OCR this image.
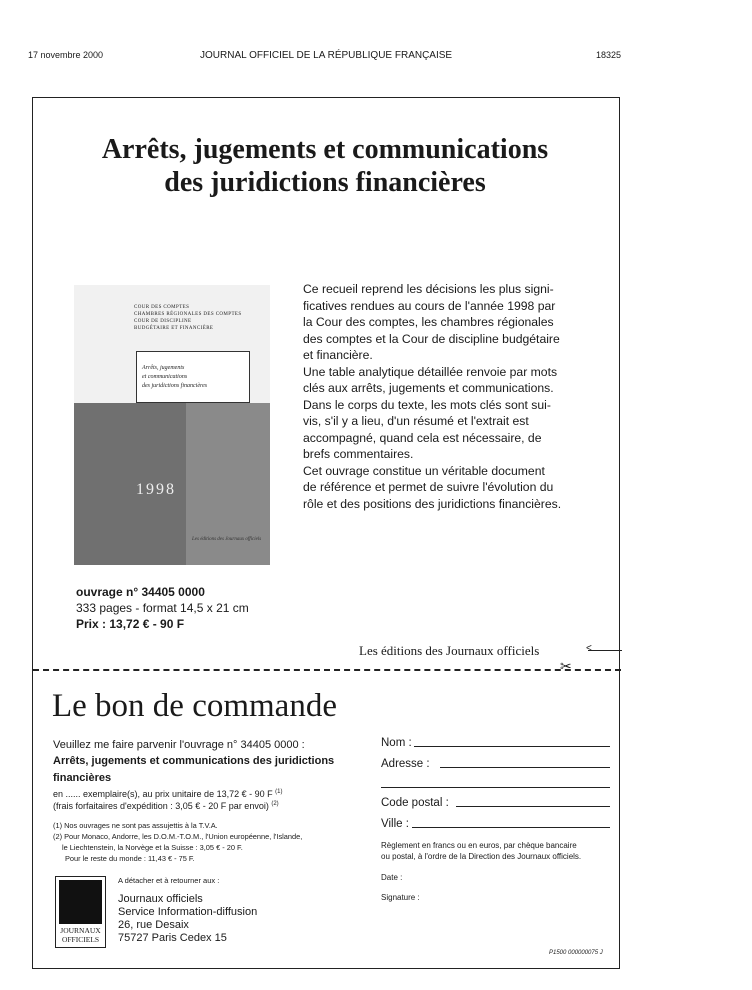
17 novembre 2000	JOURNAL OFFICIEL DE LA RÉPUBLIQUE FRANÇAISE	18325
Arrêts, jugements et communications
des juridictions financières
COUR DES COMPTES
CHAMBRES RÉGIONALES DES COMPTES
COUR DE DISCIPLINE
BUDGÉTAIRE ET FINANCIÈRE
Arrêts, jugements
et communications
des juridictions financières
1998
Les éditions des Journaux officiels

Ce recueil reprend les décisions les plus signi-

ficatives rendues au cours de l'année 1998 par

la Cour des comptes, les chambres régionales

des comptes et la Cour de discipline budgétaire

et financière.

Une table analytique détaillée renvoie par mots

clés aux arrêts, jugements et communications.

Dans le corps du texte, les mots clés sont sui-

vis, s'il y a lieu, d'un résumé et l'extrait est

accompagné, quand cela est nécessaire, de

brefs commentaires.

Cet ouvrage constitue un véritable document

de référence et permet de suivre l'évolution du

rôle et des positions des juridictions financières.

ouvrage n° 34405 0000
333 pages - format 14,5 x 21 cm
Prix : 13,72 € - 90 F
Les éditions des Journaux officiels	<
✂
Le bon de commande

Veuillez me faire parvenir l'ouvrage n° 34405 0000 :

Arrêts, jugements et communications des juridictions

financières

en ...... exemplaire(s), au prix unitaire de 13,72 € - 90 F $^{(1)}$

(frais forfaitaires d'expédition : 3,05 € - 20 F par envoi) $^{(2)}$

(1) Nos ouvrages ne sont pas assujettis à la T.V.A.

(2) Pour Monaco, Andorre, les D.O.M.-T.O.M., l'Union européenne, l'Islande,

le Liechtenstein, la Norvège et la Suisse : 3,05 € - 20 F.

Pour le reste du monde : 11,43 € - 75 F.

Nom :
Adresse :
Code postal :
Ville :
Règlement en francs ou en euros, par chèque bancaire
ou postal, à l'ordre de la Direction des Journaux officiels.
Date :
Signature :
JOURNAUX
OFFICIELS
A détacher et à retourner aux :

Journaux officiels

Service Information-diffusion

26, rue Desaix

75727 Paris Cedex 15

P1500 000000075 J
